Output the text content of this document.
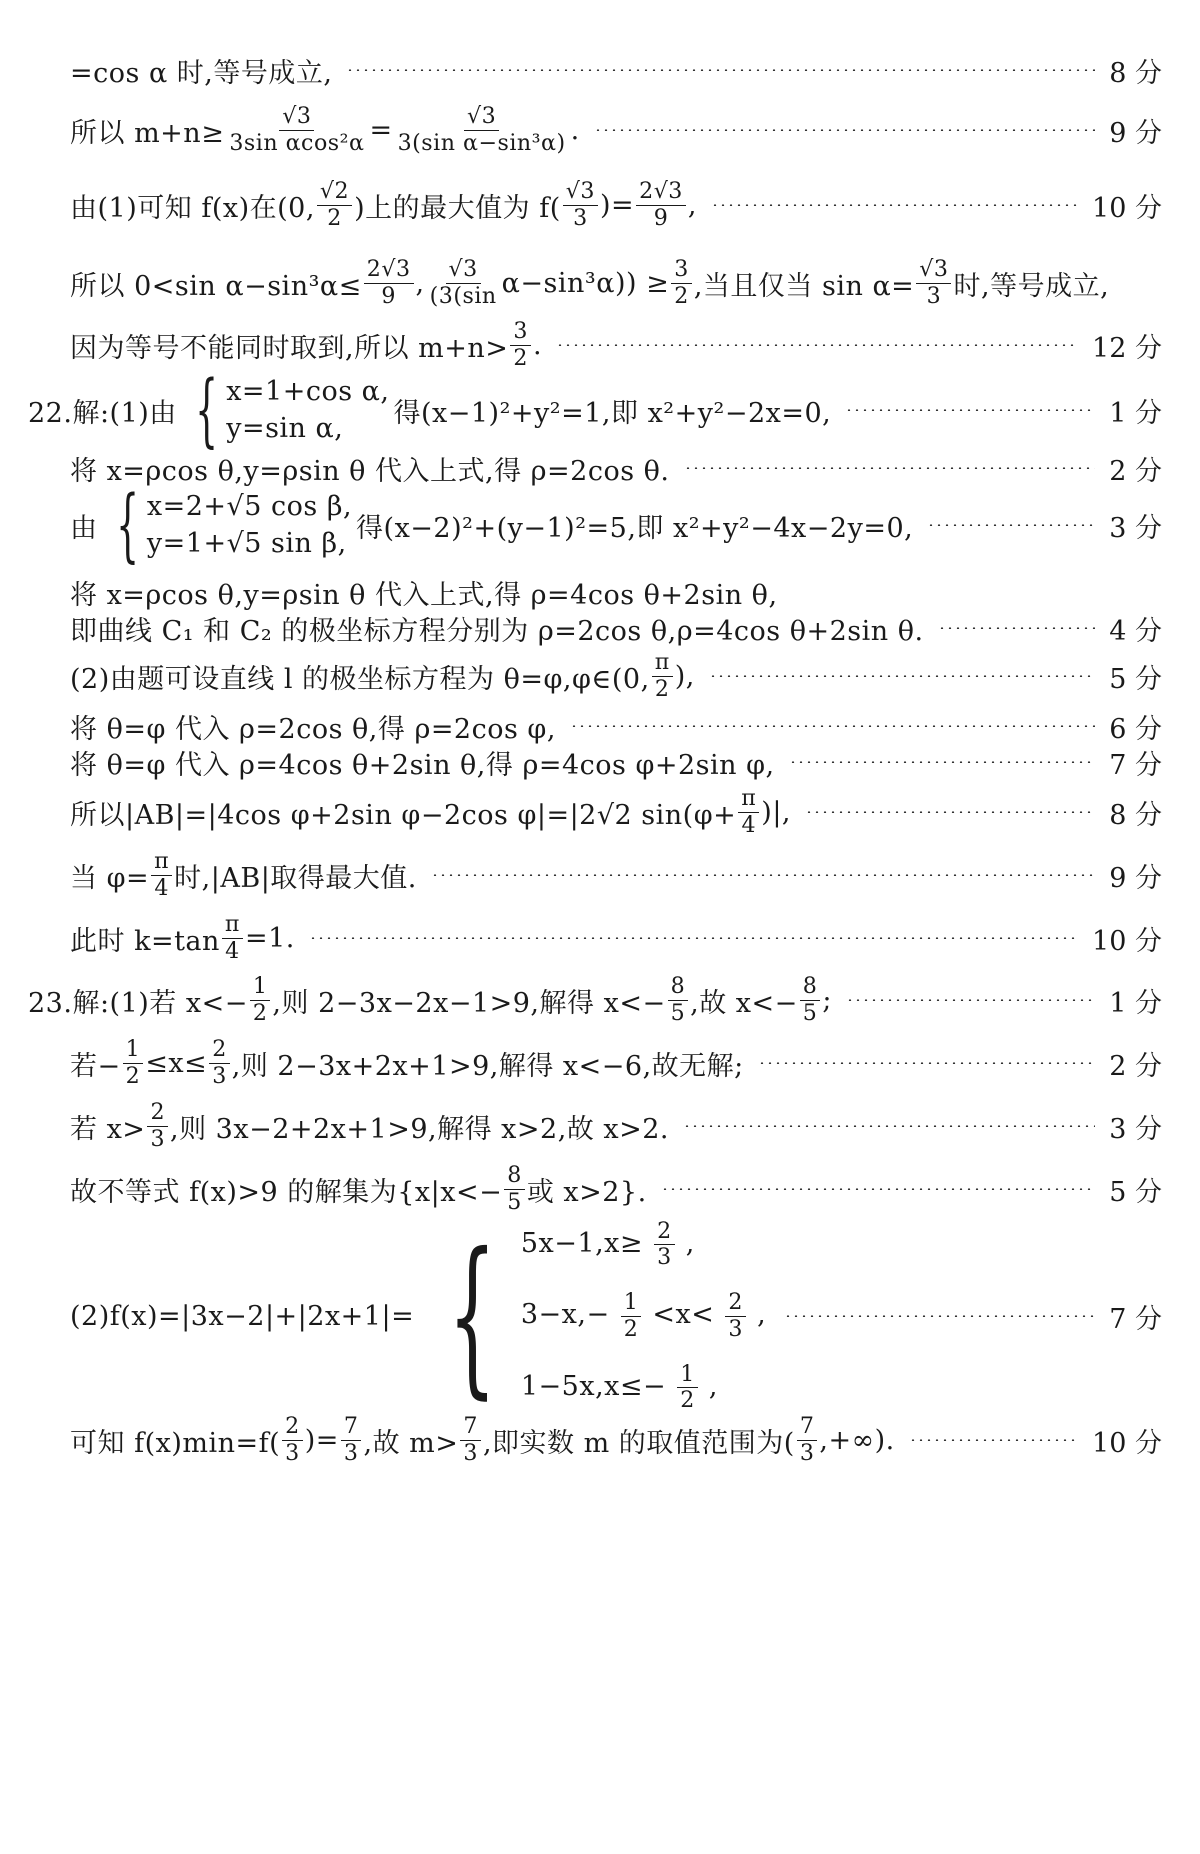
=cos α 时,等号成立,	8 分
所以 $m+n\ge \frac{√3}{\text{3sin αcos²α}}$ =	√3
3(sin α−sin³α) .	9 分
由(1)可知 f(x)在(0,
√2
2 )上的最大值为 f(
√3
3 )= 2√3
9 ,	10 分
所以 0<sin α−sin³α≤
2√3
9 , √3
(3(sin α−sin³α)) ≥ 3
2 ,当且仅当 sin α=
√3
3 时,等号成立,
因为等号不能同时取到,所以 m+n>
3
2 .	12 分
22.解:(1)由 { x=1+cos α,
y=sin α,	得(x−1)²+y²=1,即 x²+y²−2x=0,	1 分
将 x=ρcos θ,y=ρsin θ 代入上式,得 ρ=2cos θ.	2 分
由 { x=2+√5 cos β,
y=1+√5 sin β, 得(x−2)²+(y−1)²=5,即 x²+y²−4x−2y=0,	3 分
将 x=ρcos θ,y=ρsin θ 代入上式,得 ρ=4cos θ+2sin θ,
即曲线 C₁ 和 C₂ 的极坐标方程分别为 ρ=2cos θ,ρ=4cos θ+2sin θ.	4 分
(2)由题可设直线 l 的极坐标方程为 θ=φ,φ∈(0,
π
2 ),	5 分
将 θ=φ 代入 ρ=2cos θ,得 ρ=2cos φ,	6 分
将 θ=φ 代入 ρ=4cos θ+2sin θ,得 ρ=4cos φ+2sin φ,	7 分
所以|AB|=|4cos φ+2sin φ−2cos φ|=|2√2 sin(φ+
π
4 )|,	8 分
当 φ=
π
4 时,|AB|取得最大值.	9 分
此时 k=tan
π
4 =1.	10 分
23.解:(1)若 x<−
1
2 ,则 2−3x−2x−1>9,解得 x<−
8
5 ,故 x<−
8
5 ;	1 分
若−
1
2 ≤x≤ 2
3 ,则 2−3x+2x+1>9,解得 x<−6,故无解;	2 分
若 x>
2
3 ,则 3x−2+2x+1>9,解得 x>2,故 x>2.	3 分
故不等式 f(x)>9 的解集为{x|x<−
8
5 或 x>2}.	5 分
(2)f(x)=|3x−2|+|2x+1|= { $5x-1,x\ge \frac{2}{3}$ ,
$3-x,- \frac{1}{2} <x< \frac{2}{3}$ ,
$1-5x,x\le- \frac{1}{2}$ ,
7 分
可知 f(x)min=f(
2
3 )= 7
3 ,故 m>
7
3 ,即实数 m 的取值范围为(
7
3 ,+∞).	10 分
